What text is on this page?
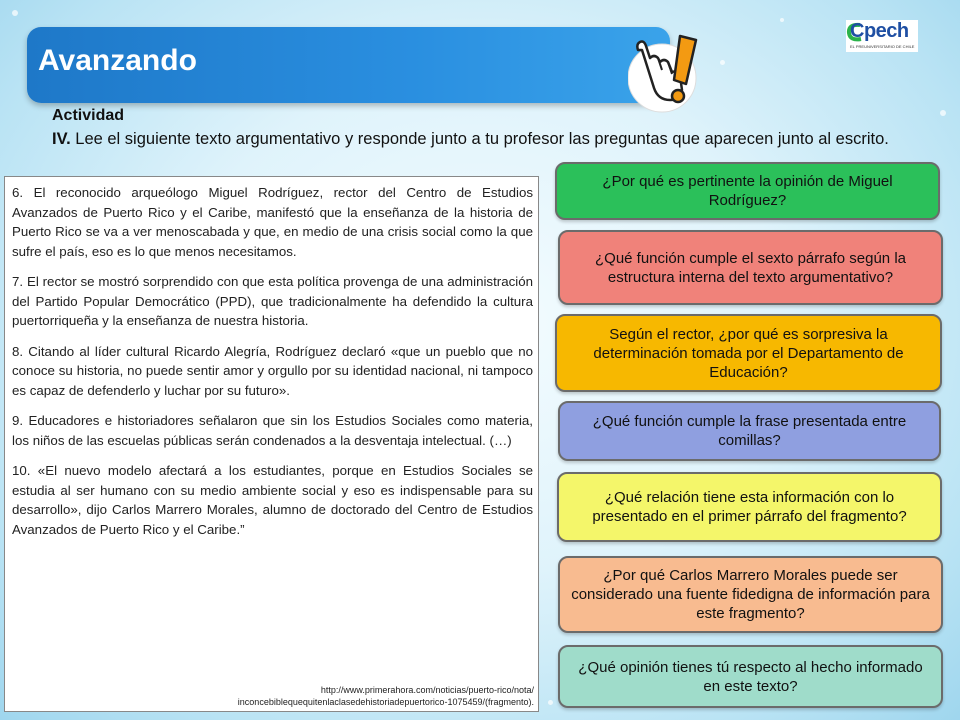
Avanzando
Cpech
EL PREUNIVERSITARIO DE CHILE
Actividad
IV. Lee el siguiente texto argumentativo y responde junto a tu profesor las preguntas que aparecen junto al escrito.

6. El reconocido arqueólogo Miguel Rodríguez, rector del Centro de Estudios Avanzados de Puerto Rico y el Caribe, manifestó que la enseñanza de la historia de Puerto Rico se va a ver menoscabada y que, en medio de una crisis social como la que sufre el país, eso es lo que menos necesitamos.

7. El rector se mostró sorprendido con que esta política provenga de una administración del Partido Popular Democrático (PPD), que tradicionalmente ha defendido la cultura puertorriqueña y la enseñanza de nuestra historia.

8. Citando al líder cultural Ricardo Alegría, Rodríguez declaró «que un pueblo que no conoce su historia, no puede sentir amor y orgullo por su identidad nacional, ni tampoco es capaz de defenderlo y luchar por su futuro».

9. Educadores e historiadores señalaron que sin los Estudios Sociales como materia, los niños de las escuelas públicas serán condenados a la desventaja intelectual. (…)

10. «El nuevo modelo afectará a los estudiantes, porque en Estudios Sociales se estudia al ser humano con su medio ambiente social y eso es indispensable para su desarrollo», dijo Carlos Marrero Morales, alumno de doctorado del Centro de Estudios Avanzados de Puerto Rico y el Caribe.”

http://www.primerahora.com/noticias/puerto-rico/nota/
inconcebiblequequitenlaclasedehistoriadepuertorico-1075459/(fragmento).
¿Por qué es pertinente la opinión de Miguel Rodríguez?
¿Qué función cumple el sexto párrafo según la estructura interna del texto argumentativo?
Según el rector, ¿por qué es sorpresiva la determinación tomada por el Departamento de Educación?
¿Qué función cumple la frase presentada entre comillas?
¿Qué relación tiene esta información con lo presentado en el primer párrafo del fragmento?
¿Por qué Carlos Marrero Morales puede ser considerado una fuente fidedigna de información para este fragmento?
¿Qué opinión tienes tú respecto al hecho informado en este texto?
